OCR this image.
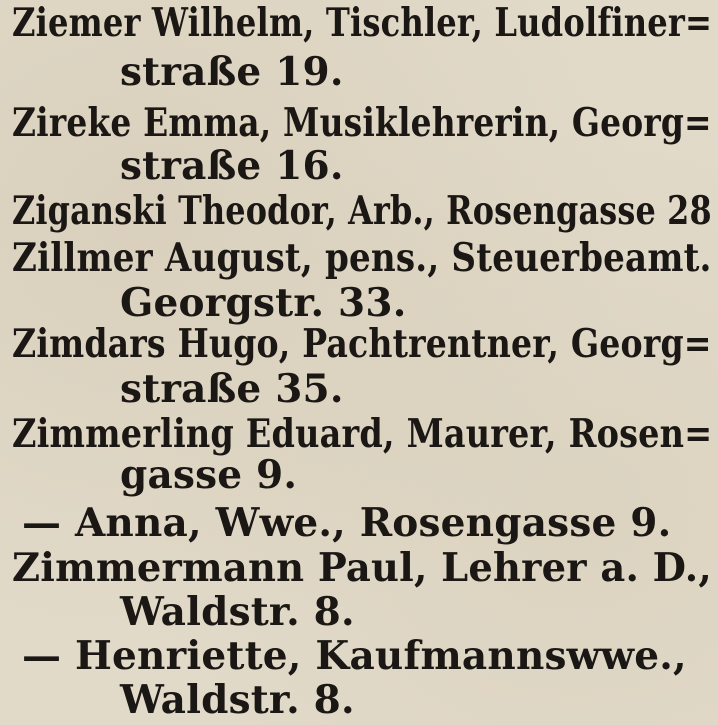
Ziemer Wilhelm, Tischler, Ludolfiner=
straße 19.
Zireke Emma, Musiklehrerin, Georg=
straße 16.
Ziganski Theodor, Arb., Rosengasse 28
Zillmer August, pens., Steuerbeamt.
Georgstr. 33.
Zimdars Hugo, Pachtrentner, Georg=
straße 35.
Zimmerling Eduard, Maurer, Rosen=
gasse 9.
— Anna, Wwe., Rosengasse 9.
Zimmermann Paul, Lehrer a. D.,
Waldstr. 8.
— Henriette, Kaufmannswwe.,
Waldstr. 8.
